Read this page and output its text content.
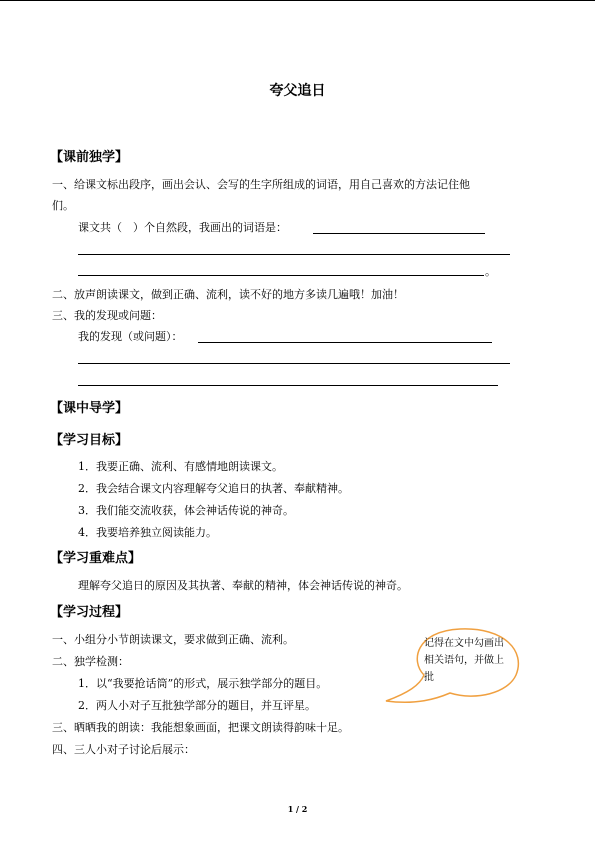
夸父追日
【课前独学】
一、给课文标出段序，画出会认、会写的生字所组成的词语，用自己喜欢的方法记住他
们。
课文共（　）个自然段，我画出的词语是：
。
二、放声朗读课文，做到正确、流利，读不好的地方多读几遍哦！加油！
三、我的发现或问题：
我的发现（或问题）：
【课中导学】
【学习目标】
1．我要正确、流利、有感情地朗读课文。
2．我会结合课文内容理解夸父追日的执著、奉献精神。
3．我们能交流收获，体会神话传说的神奇。
4．我要培养独立阅读能力。
【学习重难点】
理解夸父追日的原因及其执著、奉献的精神，体会神话传说的神奇。
【学习过程】
一、小组分小节朗读课文，要求做到正确、流利。
二、独学检测：
1．以“我要抢话筒”的形式，展示独学部分的题目。
2．两人小对子互批独学部分的题目，并互评星。
三、晒晒我的朗读：我能想象画面，把课文朗读得韵味十足。
四、三人小对子讨论后展示：
记得在文中勾画出相关语句，并做上批
1 / 2
